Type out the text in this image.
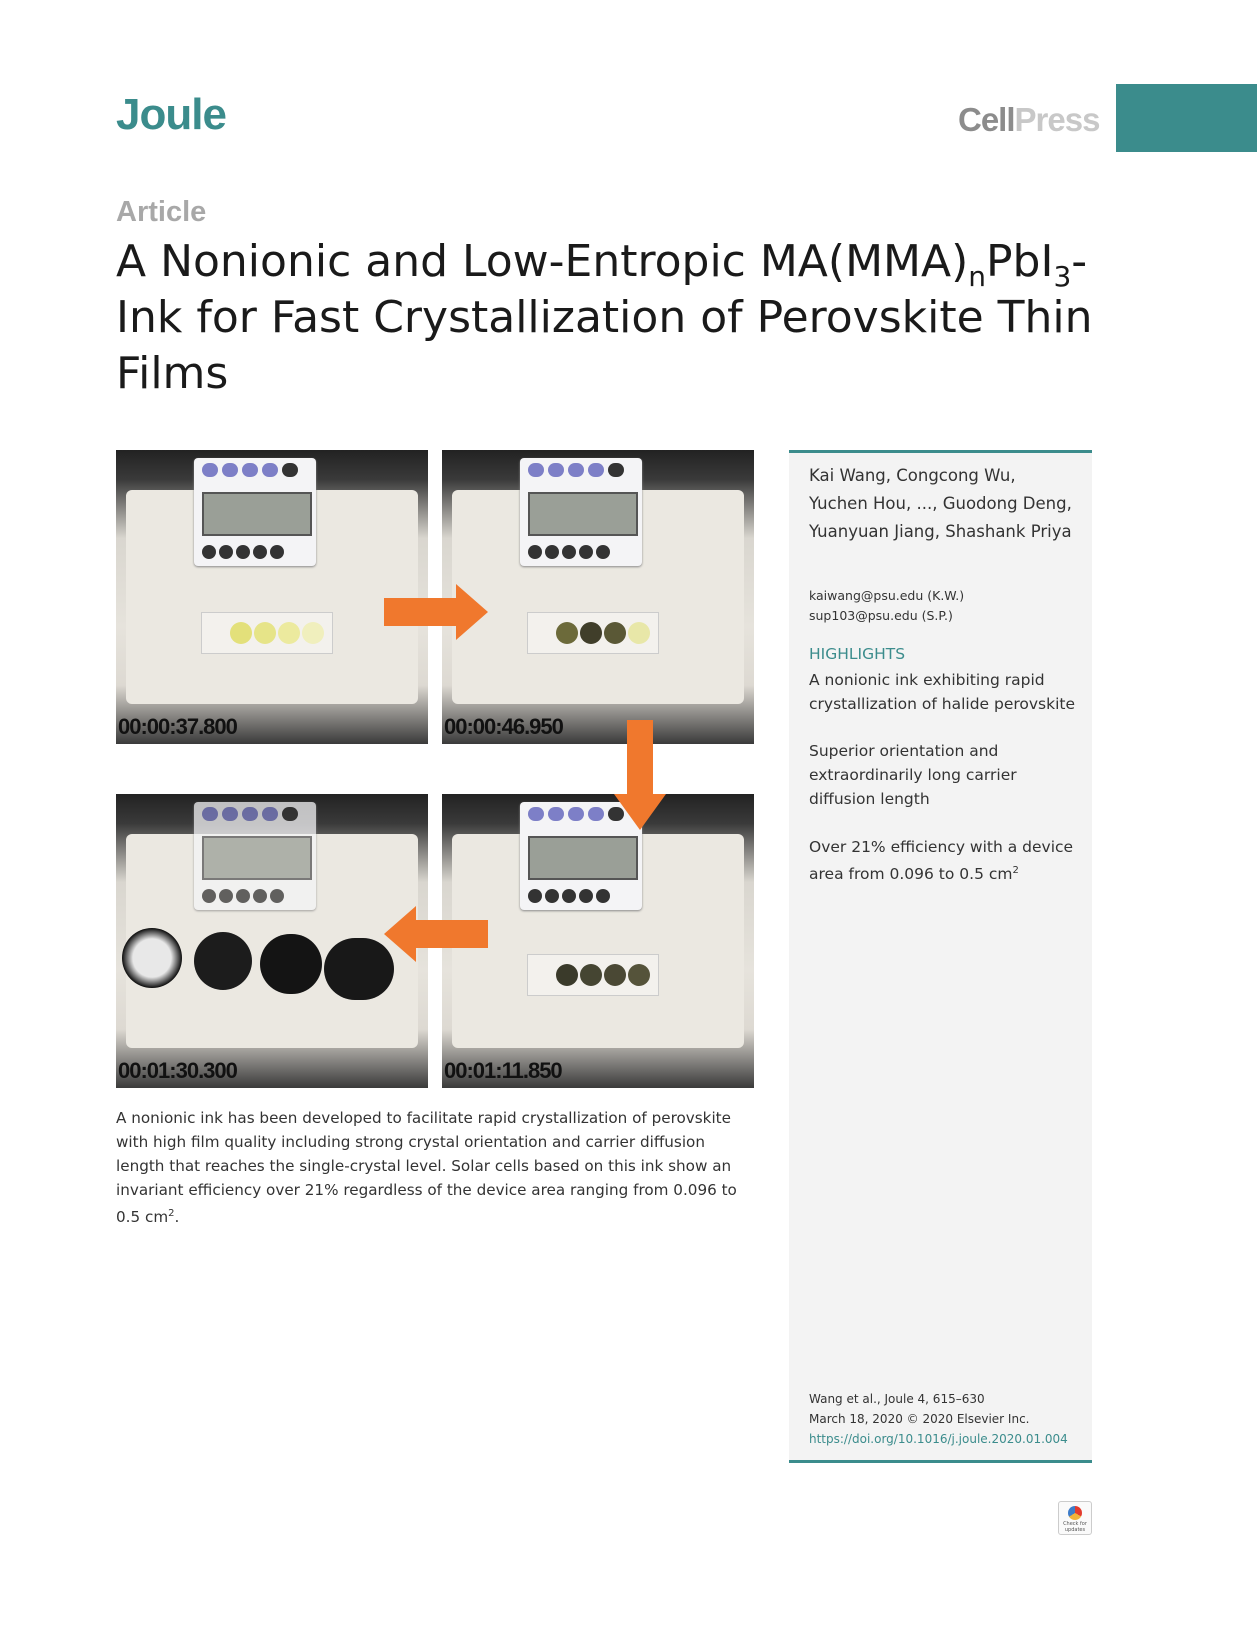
Joule	CellPress
Article
A Nonionic and Low-Entropic $MA(MMA)_nPbI_3-$
Ink for Fast Crystallization of Perovskite Thin
Films
00:00:37.800	00:00:46.950
00:01:30.300	00:01:11.850

A nonionic ink has been developed to facilitate rapid crystallization of perovskite with high film quality including strong crystal orientation and carrier diffusion length that reaches the single-crystal level. Solar cells based on this ink show an invariant efficiency over 21% regardless of the device area ranging from 0.096 to 0.5 $cm^2$.

Kai Wang, Congcong Wu, Yuchen Hou, ..., Guodong Deng, Yuanyuan Jiang, Shashank Priya
kaiwang@psu.edu (K.W.)
sup103@psu.edu (S.P.)
HIGHLIGHTS
A nonionic ink exhibiting rapid crystallization of halide perovskite
Superior orientation and extraordinarily long carrier diffusion length
Over 21% efficiency with a device area from 0.096 to 0.5 $cm^2$
Wang et al., Joule 4, 615–630
March 18, 2020 © 2020 Elsevier Inc.
https://doi.org/10.1016/j.joule.2020.01.004
Check for updates
